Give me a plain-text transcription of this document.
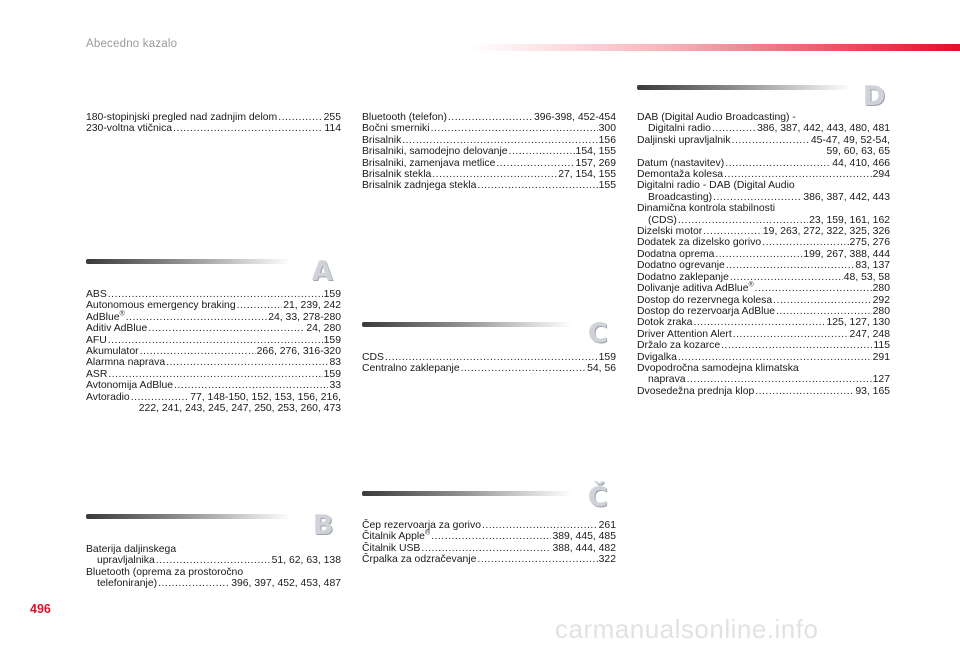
Abecedno kazalo
180-stopinjski pregled nad zadnjim delom .....	255
230-voltna vtičnica .....	114
A
ABS .....	159
Autonomous emergency braking .....	21, 239, 242
AdBlue® .....	24, 33, 278-280
Aditiv AdBlue .....	24, 280
AFU .....	159
Akumulator .....	266, 276, 316-320
Alarmna naprava .....	83
ASR .....	159
Avtonomija AdBlue .....	33
Avtoradio .....	77, 148-150, 152, 153, 156, 216,
222, 241, 243, 245, 247, 250, 253, 260, 473
B
Baterija daljinskega
upravljalnika .....	51, 62, 63, 138
Bluetooth (oprema za prostoročno
telefoniranje) .....	396, 397, 452, 453, 487
Bluetooth (telefon) .....	396-398, 452-454
Bočni smerniki .....	300
Brisalnik .....	156
Brisalniki, samodejno delovanje .....	154, 155
Brisalniki, zamenjava metlice .....	157, 269
Brisalnik stekla .....	27, 154, 155
Brisalnik zadnjega stekla .....	155
C
CDS .....	159
Centralno zaklepanje .....	54, 56
Č
Čep rezervoarja za gorivo .....	261
Čitalnik Apple® .....	389, 445, 485
Čitalnik USB .....	388, 444, 482
Črpalka za odzračevanje .....	322
D
DAB (Digital Audio Broadcasting) -
Digitalni radio .....	386, 387, 442, 443, 480, 481
Daljinski upravljalnik .....	45-47, 49, 52-54,
59, 60, 63, 65
Datum (nastavitev) .....	44, 410, 466
Demontaža kolesa .....	294
Digitalni radio - DAB (Digital Audio
Broadcasting) .....	386, 387, 442, 443
Dinamična kontrola stabilnosti
(CDS) .....	23, 159, 161, 162
Dizelski motor .....	19, 263, 272, 322, 325, 326
Dodatek za dizelsko gorivo .....	275, 276
Dodatna oprema .....	199, 267, 388, 444
Dodatno ogrevanje .....	83, 137
Dodatno zaklepanje .....	48, 53, 58
Dolivanje aditiva AdBlue® .....	280
Dostop do rezervnega kolesa .....	292
Dostop do rezervoarja AdBlue .....	280
Dotok zraka .....	125, 127, 130
Driver Attention Alert .....	247, 248
Držalo za kozarce .....	115
Dvigalka .....	291
Dvopodročna samodejna klimatska
naprava .....	127
Dvosedežna prednja klop .....	93, 165
496
carmanualsonline.info
